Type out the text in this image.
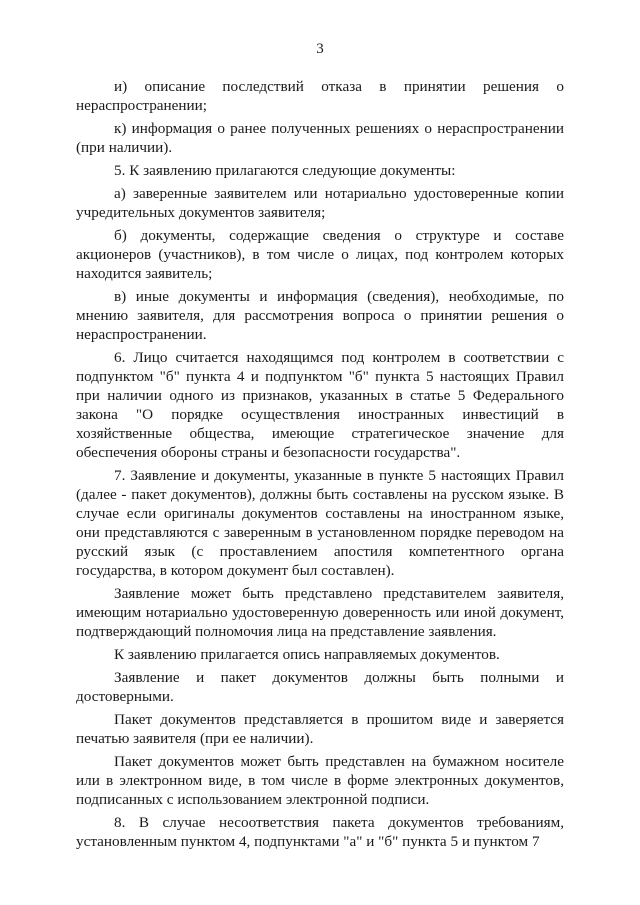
3

и) описание последствий отказа в принятии решения о нераспространении;

к) информация о ранее полученных решениях о нераспространении (при наличии).

5. К заявлению прилагаются следующие документы:

а) заверенные заявителем или нотариально удостоверенные копии учредительных документов заявителя;

б) документы, содержащие сведения о структуре и составе акционеров (участников), в том числе о лицах, под контролем которых находится заявитель;

в) иные документы и информация (сведения), необходимые, по мнению заявителя, для рассмотрения вопроса о принятии решения о нераспространении.

6. Лицо считается находящимся под контролем в соответствии с подпунктом "б" пункта 4 и подпунктом "б" пункта 5 настоящих Правил при наличии одного из признаков, указанных в статье 5 Федерального закона "О порядке осуществления иностранных инвестиций в хозяйственные общества, имеющие стратегическое значение для обеспечения обороны страны и безопасности государства".

7. Заявление и документы, указанные в пункте 5 настоящих Правил (далее - пакет документов), должны быть составлены на русском языке. В случае если оригиналы документов составлены на иностранном языке, они представляются с заверенным в установленном порядке переводом на русский язык (с проставлением апостиля компетентного органа государства, в котором документ был составлен).

Заявление может быть представлено представителем заявителя, имеющим нотариально удостоверенную доверенность или иной документ, подтверждающий полномочия лица на представление заявления.

К заявлению прилагается опись направляемых документов.

Заявление и пакет документов должны быть полными и достоверными.

Пакет документов представляется в прошитом виде и заверяется печатью заявителя (при ее наличии).

Пакет документов может быть представлен на бумажном носителе или в электронном виде, в том числе в форме электронных документов, подписанных с использованием электронной подписи.

8. В случае несоответствия пакета документов требованиям, установленным пунктом 4, подпунктами "а" и "б" пункта 5 и пунктом 7
